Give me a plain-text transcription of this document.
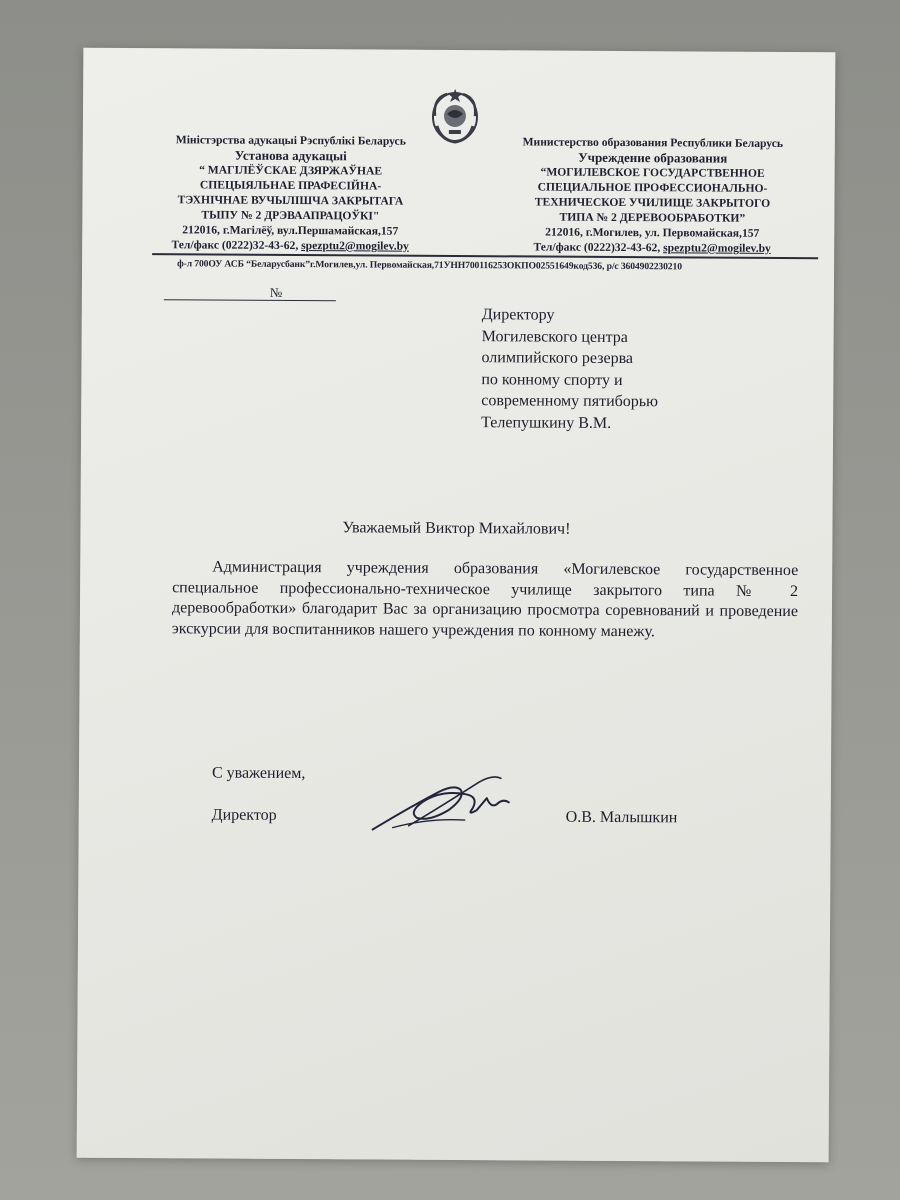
Міністэрства адукацыі Рэспублікі Беларусь
Установа адукацыі
“ МАГІЛЁЎСКАЕ ДЗЯРЖАЎНАЕ
СПЕЦЫЯЛЬНАЕ ПРАФЕСІЙНА-
ТЭХНІЧНАЕ ВУЧЫЛІШЧА ЗАКРЫТАГА
ТЫПУ № 2 ДРЭВААПРАЦОЎКІ"
212016, г.Магілёў, вул.Першамайская,157
Тел/факс (0222)32-43-62, spezptu2@mogilev.by
Министерство образования Республики Беларусь
Учреждение образования
“МОГИЛЕВСКОЕ ГОСУДАРСТВЕННОЕ
СПЕЦИАЛЬНОЕ ПРОФЕССИОНАЛЬНО-
ТЕХНИЧЕСКОЕ УЧИЛИЩЕ ЗАКРЫТОГО
ТИПА № 2 ДЕРЕВООБРАБОТКИ”
212016, г.Могилев, ул. Первомайская,157
Тел/факс (0222)32-43-62, spezptu2@mogilev.by
ф-л 700ОУ АСБ “Беларусбанк”г.Могилев,ул. Первомайская,71УНН700116253ОКПО02551649код536, р/с 3604902230210
№
Директору
Могилевского центра
олимпийского резерва
по конному спорту и
современному пятиборью
Телепушкину В.М.
Уважаемый Виктор Михайлович!
Администрация учреждения образования «Могилевское государственное специальное профессионально-техническое училище закрытого типа № 2 деревообработки» благодарит Вас за организацию просмотра соревнований и проведение экскурсии для воспитанников нашего учреждения по конному манежу.
С уважением,
Директор	О.В. Малышкин
